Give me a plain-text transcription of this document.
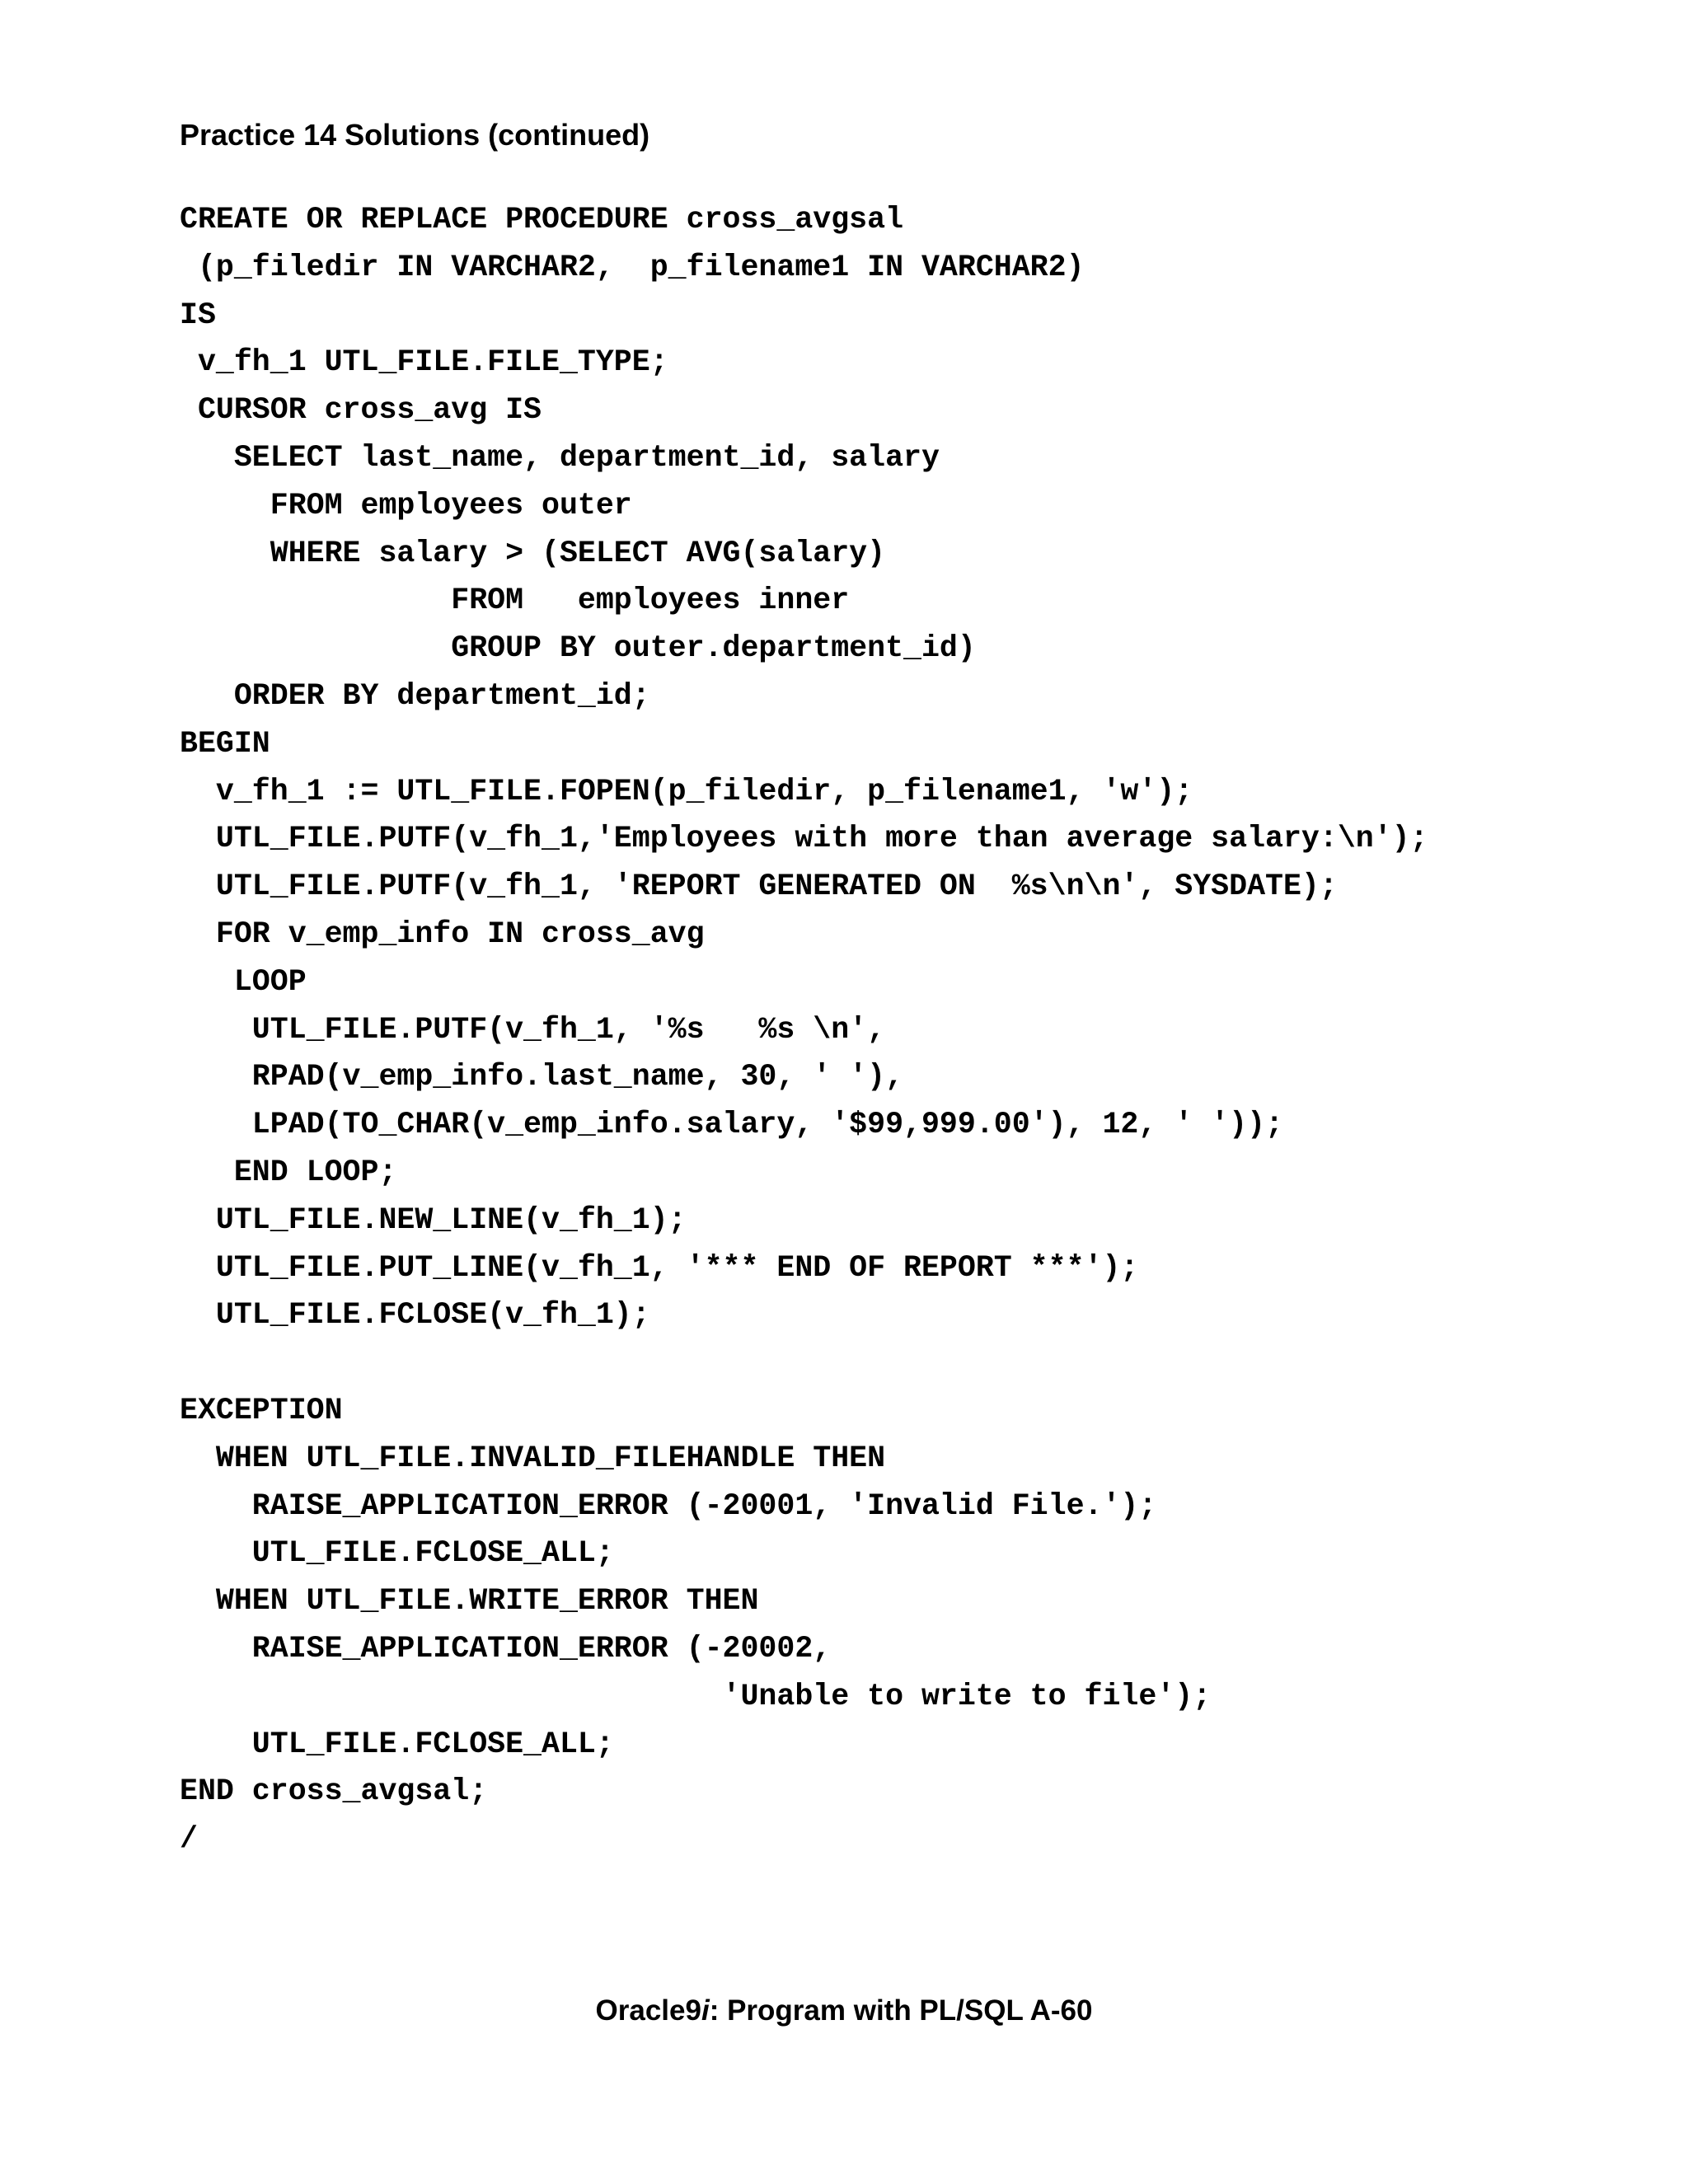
Practice 14 Solutions (continued)
CREATE OR REPLACE PROCEDURE cross_avgsal
(p_filedir IN VARCHAR2,  p_filename1 IN VARCHAR2)
IS
v_fh_1 UTL_FILE.FILE_TYPE;
CURSOR cross_avg IS
SELECT last_name, department_id, salary
FROM employees outer
WHERE salary > (SELECT AVG(salary)
FROM   employees inner
GROUP BY outer.department_id)
ORDER BY department_id;
BEGIN
v_fh_1 := UTL_FILE.FOPEN(p_filedir, p_filename1, 'w');
UTL_FILE.PUTF(v_fh_1,'Employees with more than average salary:\n');
UTL_FILE.PUTF(v_fh_1, 'REPORT GENERATED ON  %s\n\n', SYSDATE);
FOR v_emp_info IN cross_avg
LOOP
UTL_FILE.PUTF(v_fh_1, '%s   %s \n',
RPAD(v_emp_info.last_name, 30, ' '),
LPAD(TO_CHAR(v_emp_info.salary, '$99,999.00'), 12, ' '));
END LOOP;
UTL_FILE.NEW_LINE(v_fh_1);
UTL_FILE.PUT_LINE(v_fh_1, '*** END OF REPORT ***');
UTL_FILE.FCLOSE(v_fh_1);
EXCEPTION
WHEN UTL_FILE.INVALID_FILEHANDLE THEN
RAISE_APPLICATION_ERROR (-20001, 'Invalid File.');
UTL_FILE.FCLOSE_ALL;
WHEN UTL_FILE.WRITE_ERROR THEN
RAISE_APPLICATION_ERROR (-20002,
'Unable to write to file');
UTL_FILE.FCLOSE_ALL;
END cross_avgsal;
/
Oracle9i: Program with PL/SQL A-60
